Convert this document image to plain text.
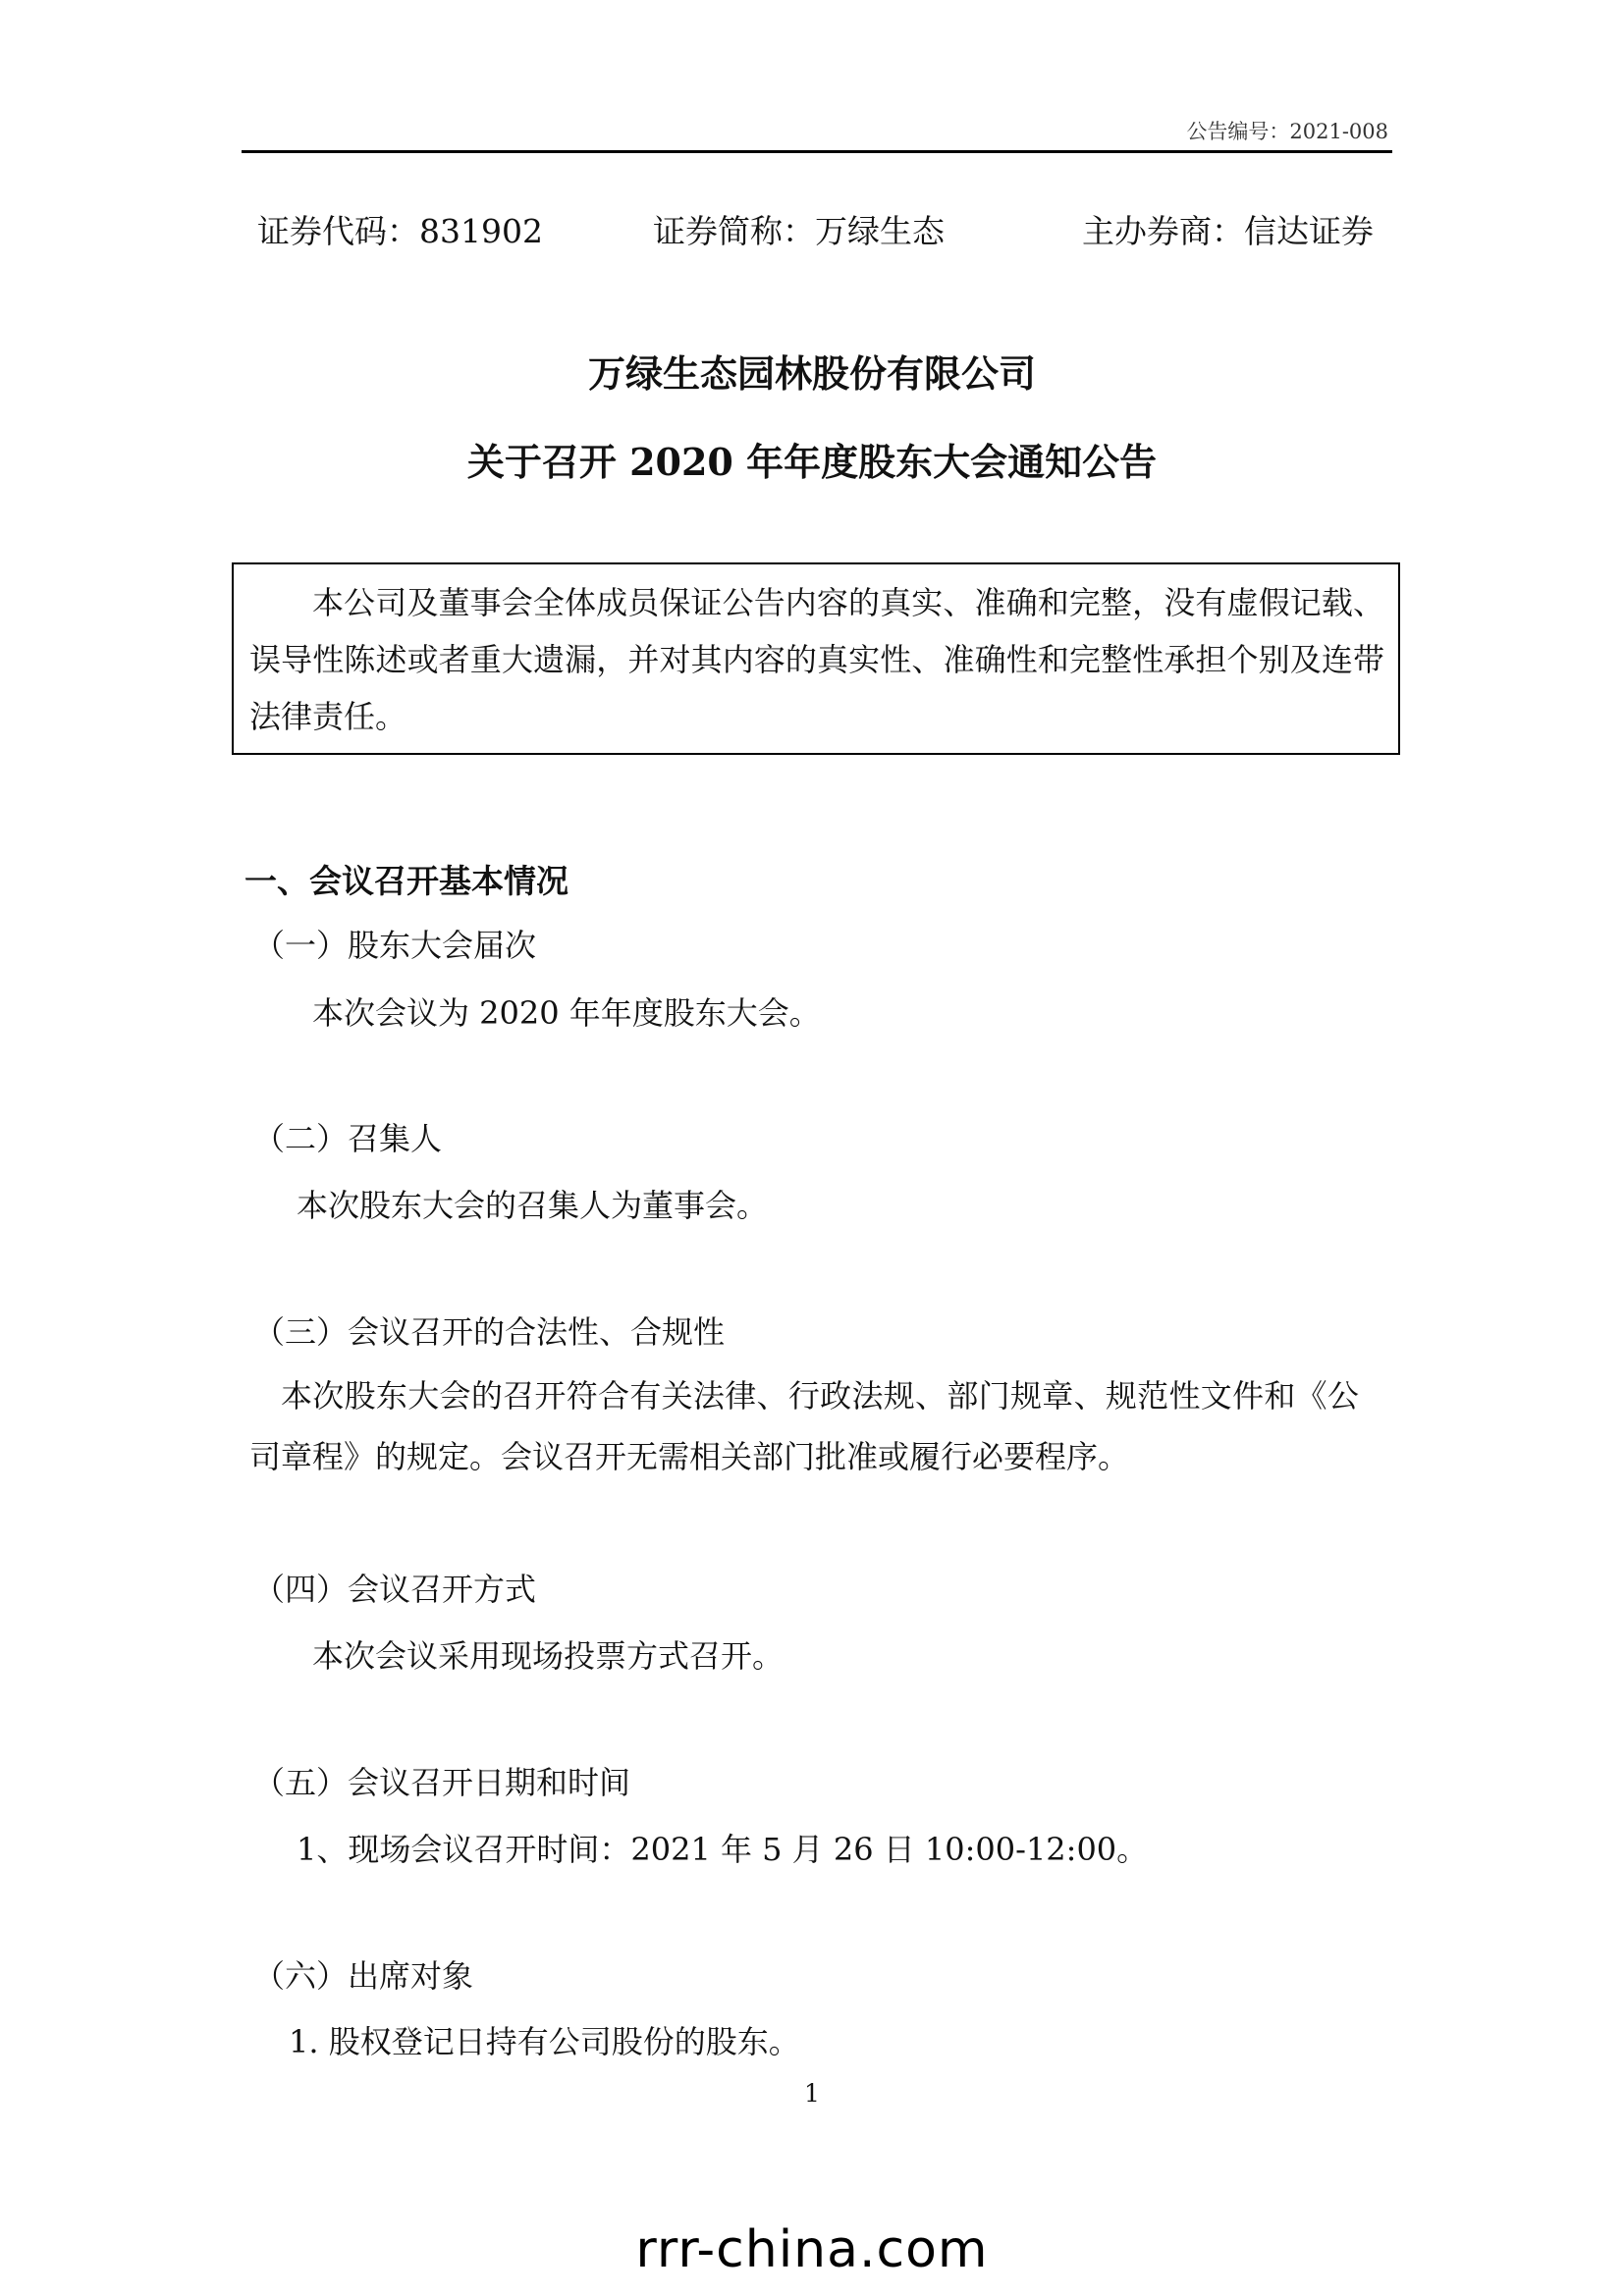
公告编号：2021-008
证券代码：831902	证券简称：万绿生态	主办券商：信达证券
万绿生态园林股份有限公司
关于召开 2020 年年度股东大会通知公告
本公司及董事会全体成员保证公告内容的真实、准确和完整，没有虚假记载、误导性陈述或者重大遗漏，并对其内容的真实性、准确性和完整性承担个别及连带法律责任。
一、会议召开基本情况
（一）股东大会届次
本次会议为 2020 年年度股东大会。
（二）召集人
本次股东大会的召集人为董事会。
（三）会议召开的合法性、合规性
本次股东大会的召开符合有关法律、行政法规、部门规章、规范性文件和《公司章程》的规定。会议召开无需相关部门批准或履行必要程序。
（四）会议召开方式
本次会议采用现场投票方式召开。
（五）会议召开日期和时间
1、现场会议召开时间：2021 年 5 月 26 日 10:00-12:00。
（六）出席对象
1. 股权登记日持有公司股份的股东。
1
rrr-china.com
